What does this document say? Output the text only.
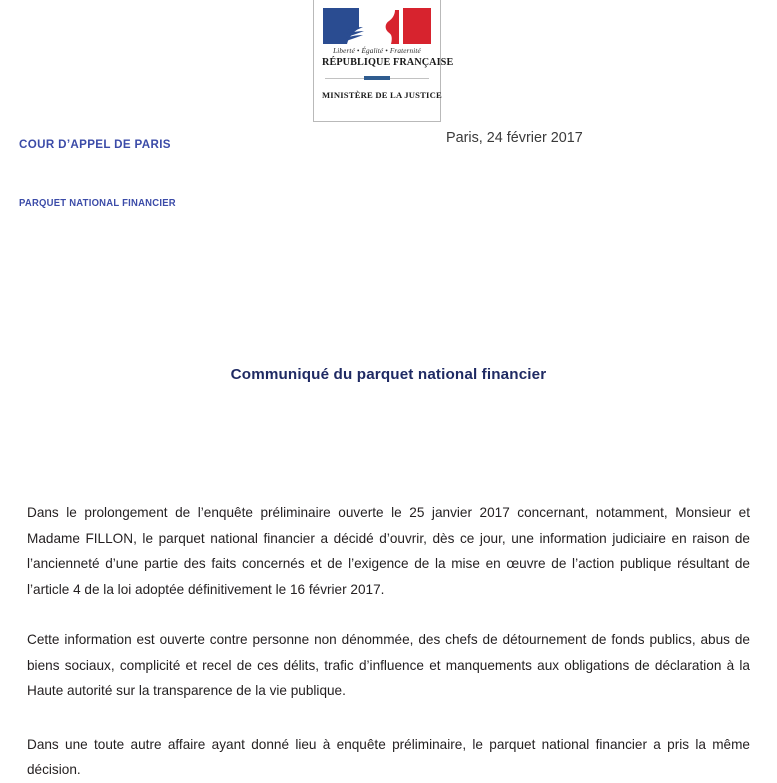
Liberté • Égalité • Fraternité
RÉPUBLIQUE FRANÇAISE
MINISTÈRE DE LA JUSTICE
COUR D’APPEL DE PARIS
PARQUET NATIONAL FINANCIER
Paris, 24 février 2017
Communiqué du parquet national financier

Dans le prolongement de l’enquête préliminaire ouverte le 25 janvier 2017 concernant, notamment, Monsieur et Madame FILLON, le parquet national financier a décidé d’ouvrir, dès ce jour, une information judiciaire en raison de l’ancienneté d’une partie des faits concernés et de l’exigence de la mise en œuvre de l’action publique résultant de l’article 4 de la loi adoptée définitivement le 16 février 2017.

Cette information est ouverte contre personne non dénommée, des chefs de détournement de fonds publics, abus de biens sociaux, complicité et recel de ces délits, trafic d’influence et manquements aux obligations de déclaration à la Haute autorité sur la transparence de la vie publique.

Dans une toute autre affaire ayant donné lieu à enquête préliminaire, le parquet national financier a pris la même décision.
